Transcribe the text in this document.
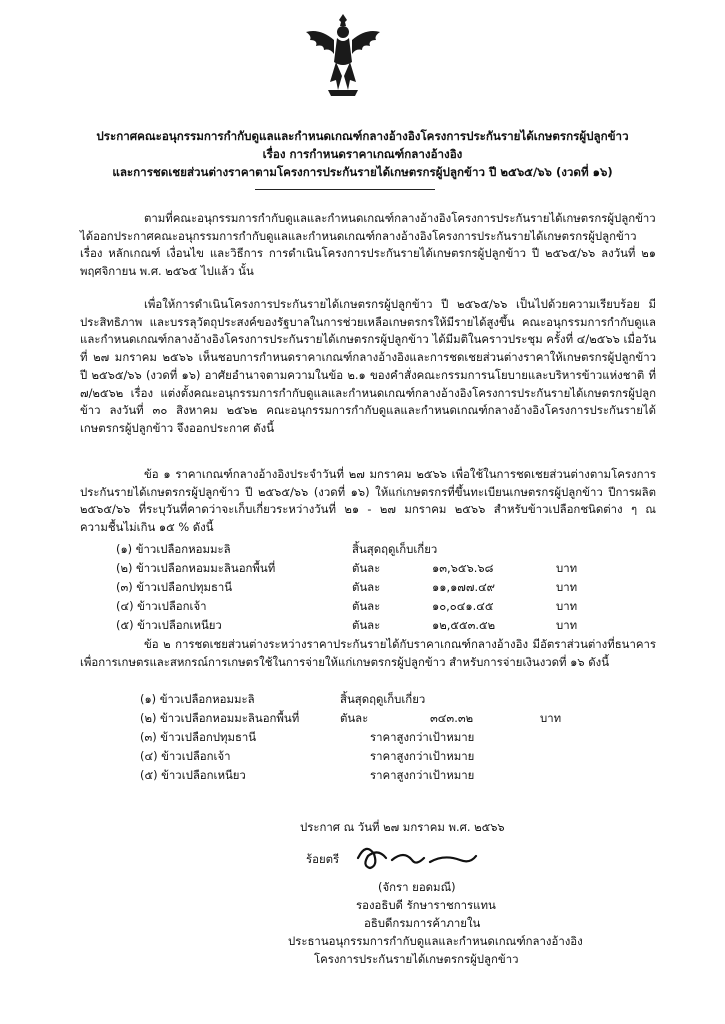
ประกาศคณะอนุกรรมการกำกับดูแลและกำหนดเกณฑ์กลางอ้างอิงโครงการประกันรายได้เกษตรกรผู้ปลูกข้าว
เรื่อง การกำหนดราคาเกณฑ์กลางอ้างอิง
และการชดเชยส่วนต่างราคาตามโครงการประกันรายได้เกษตรกรผู้ปลูกข้าว ปี ๒๕๖๕/๖๖ (งวดที่ ๑๖)

ตามที่คณะอนุกรรมการกำกับดูแลและกำหนดเกณฑ์กลางอ้างอิงโครงการประกันรายได้เกษตรกรผู้ปลูกข้าว ได้ออกประกาศคณะอนุกรรมการกำกับดูแลและกำหนดเกณฑ์กลางอ้างอิงโครงการประกันรายได้เกษตรกรผู้ปลูกข้าว เรื่อง หลักเกณฑ์ เงื่อนไข และวิธีการ การดำเนินโครงการประกันรายได้เกษตรกรผู้ปลูกข้าว ปี ๒๕๖๕/๖๖ ลงวันที่ ๒๑ พฤศจิกายน พ.ศ. ๒๕๖๕ ไปแล้ว นั้น

เพื่อให้การดำเนินโครงการประกันรายได้เกษตรกรผู้ปลูกข้าว ปี ๒๕๖๕/๖๖ เป็นไปด้วยความเรียบร้อย มีประสิทธิภาพ และบรรลุวัตถุประสงค์ของรัฐบาลในการช่วยเหลือเกษตรกรให้มีรายได้สูงขึ้น คณะอนุกรรมการกำกับดูแลและกำหนดเกณฑ์กลางอ้างอิงโครงการประกันรายได้เกษตรกรผู้ปลูกข้าว ได้มีมติในคราวประชุม ครั้งที่ ๔/๒๕๖๖ เมื่อวันที่ ๒๗ มกราคม ๒๕๖๖ เห็นชอบการกำหนดราคาเกณฑ์กลางอ้างอิงและการชดเชยส่วนต่างราคาให้เกษตรกรผู้ปลูกข้าว ปี ๒๕๖๕/๖๖ (งวดที่ ๑๖) อาศัยอำนาจตามความในข้อ ๒.๑ ของคำสั่งคณะกรรมการนโยบายและบริหารข้าวแห่งชาติ ที่ ๗/๒๕๖๒ เรื่อง แต่งตั้งคณะอนุกรรมการกำกับดูแลและกำหนดเกณฑ์กลางอ้างอิงโครงการประกันรายได้เกษตรกรผู้ปลูกข้าว ลงวันที่ ๓๐ สิงหาคม ๒๕๖๒ คณะอนุกรรมการกำกับดูแลและกำหนดเกณฑ์กลางอ้างอิงโครงการประกันรายได้เกษตรกรผู้ปลูกข้าว จึงออกประกาศ ดังนี้

ข้อ ๑ ราคาเกณฑ์กลางอ้างอิงประจำวันที่ ๒๗ มกราคม ๒๕๖๖ เพื่อใช้ในการชดเชยส่วนต่างตามโครงการประกันรายได้เกษตรกรผู้ปลูกข้าว ปี ๒๕๖๕/๖๖ (งวดที่ ๑๖) ให้แก่เกษตรกรที่ขึ้นทะเบียนเกษตรกรผู้ปลูกข้าว ปีการผลิต ๒๕๖๕/๖๖ ที่ระบุวันที่คาดว่าจะเก็บเกี่ยวระหว่างวันที่ ๒๑ - ๒๗ มกราคม ๒๕๖๖ สำหรับข้าวเปลือกชนิดต่าง ๆ ณ ความชื้นไม่เกิน ๑๕ % ดังนี้

(๑) ข้าวเปลือกหอมมะลิ	สิ้นสุดฤดูเก็บเกี่ยว
(๒) ข้าวเปลือกหอมมะลินอกพื้นที่	ตันละ	๑๓,๖๕๖.๖๘	บาท
(๓) ข้าวเปลือกปทุมธานี	ตันละ	๑๑,๑๗๗.๔๙	บาท
(๔) ข้าวเปลือกเจ้า	ตันละ	๑๐,๐๔๑.๔๕	บาท
(๕) ข้าวเปลือกเหนียว	ตันละ	๑๒,๕๕๓.๕๒	บาท

ข้อ ๒ การชดเชยส่วนต่างระหว่างราคาประกันรายได้กับราคาเกณฑ์กลางอ้างอิง มีอัตราส่วนต่างที่ธนาคารเพื่อการเกษตรและสหกรณ์การเกษตรใช้ในการจ่ายให้แก่เกษตรกรผู้ปลูกข้าว สำหรับการจ่ายเงินงวดที่ ๑๖ ดังนี้

(๑) ข้าวเปลือกหอมมะลิ	สิ้นสุดฤดูเก็บเกี่ยว
(๒) ข้าวเปลือกหอมมะลินอกพื้นที่	ตันละ	๓๔๓.๓๒	บาท
(๓) ข้าวเปลือกปทุมธานี	ราคาสูงกว่าเป้าหมาย
(๔) ข้าวเปลือกเจ้า	ราคาสูงกว่าเป้าหมาย
(๕) ข้าวเปลือกเหนียว	ราคาสูงกว่าเป้าหมาย
ประกาศ ณ วันที่ ๒๗ มกราคม พ.ศ. ๒๕๖๖
ร้อยตรี
(จักรา ยอดมณี)
รองอธิบดี รักษาราชการแทน
อธิบดีกรมการค้าภายใน
ประธานอนุกรรมการกำกับดูแลและกำหนดเกณฑ์กลางอ้างอิง
โครงการประกันรายได้เกษตรกรผู้ปลูกข้าว
